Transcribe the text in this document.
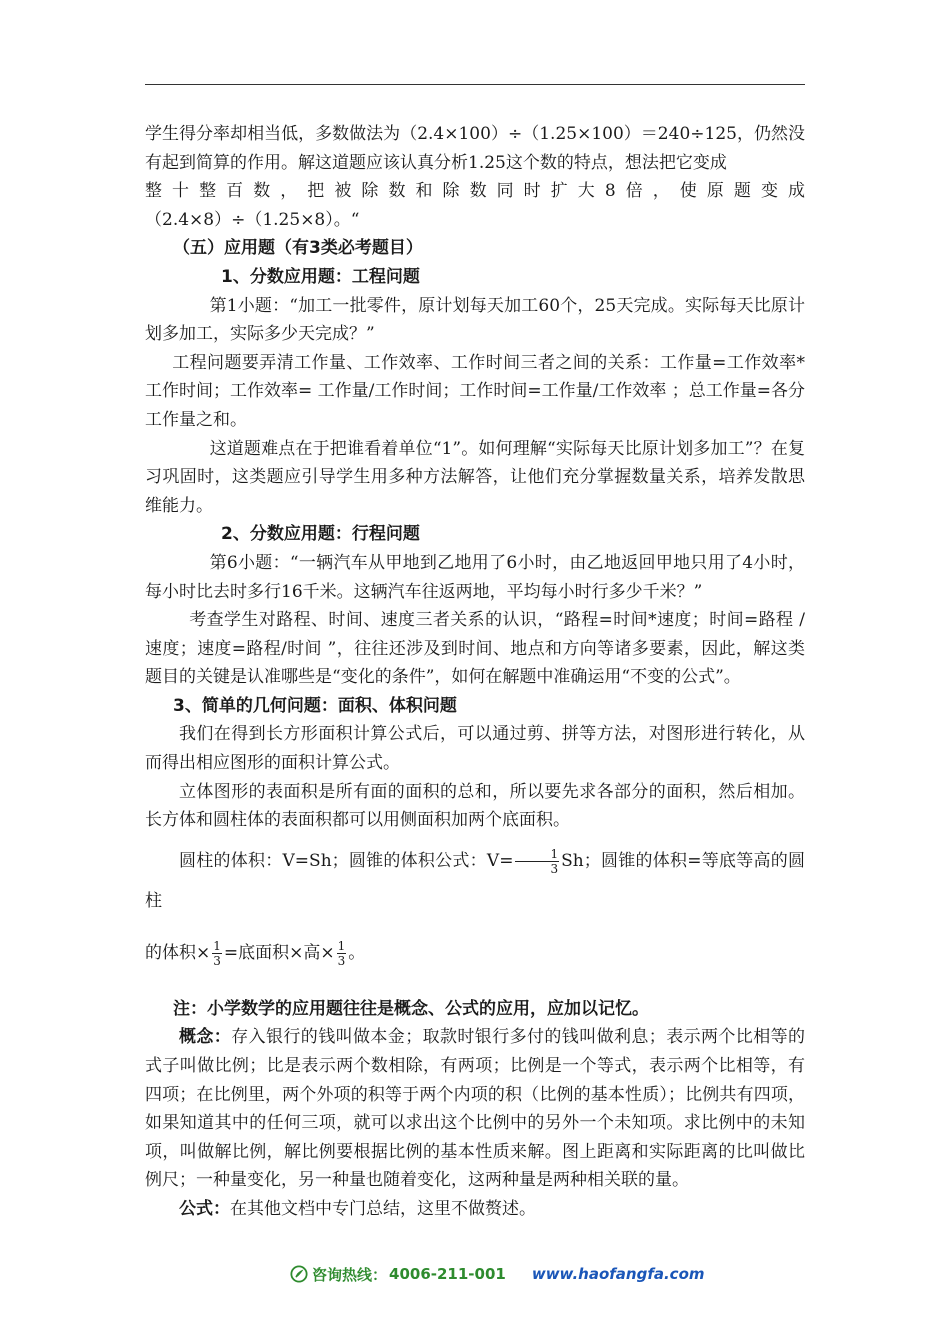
学生得分率却相当低，多数做法为（2.4×100）÷（1.25×100）＝240÷125，仍然没有起到简算的作用。解这道题应该认真分析1.25这个数的特点，想法把它变成

整十整百数，把被除数和除数同时扩大8倍，使原题变成

（2.4×8）÷（1.25×8）。“

（五）应用题（有3类必考题目）

1、分数应用题：工程问题

第1小题：“加工一批零件，原计划每天加工60个，25天完成。实际每天比原计划多加工，实际多少天完成？”

工程问题要弄清工作量、工作效率、工作时间三者之间的关系：工作量=工作效率*工作时间；工作效率= 工作量/工作时间；工作时间=工作量/工作效率 ；总工作量=各分工作量之和。

这道题难点在于把谁看着单位“1”。如何理解“实际每天比原计划多加工”？在复习巩固时，这类题应引导学生用多种方法解答，让他们充分掌握数量关系，培养发散思维能力。

2、分数应用题：行程问题

第6小题：“一辆汽车从甲地到乙地用了6小时，由乙地返回甲地只用了4小时，每小时比去时多行16千米。这辆汽车往返两地，平均每小时行多少千米？”

考查学生对路程、时间、速度三者关系的认识，“路程=时间*速度；时间=路程 /速度；速度=路程/时间 ”，往往还涉及到时间、地点和方向等诸多要素，因此，解这类题目的关键是认准哪些是“变化的条件”，如何在解题中准确运用“不变的公式”。

3、简单的几何问题：面积、体积问题

我们在得到长方形面积计算公式后，可以通过剪、拼等方法，对图形进行转化，从而得出相应图形的面积计算公式。

立体图形的表面积是所有面的面积的总和，所以要先求各部分的面积，然后相加。长方体和圆柱体的表面积都可以用侧面积加两个底面积。

圆柱的体积：V=Sh；圆锥的体积公式：$V= \frac{1}{3}$ Sh；圆锥的体积=等底等高的圆柱

的体积× $\frac{1}{3}$ =底面积×高× $\frac{1}{3}$ 。

注：小学数学的应用题往往是概念、公式的应用，应加以记忆。

概念：存入银行的钱叫做本金；取款时银行多付的钱叫做利息；表示两个比相等的式子叫做比例；比是表示两个数相除，有两项；比例是一个等式，表示两个比相等，有四项；在比例里，两个外项的积等于两个内项的积（比例的基本性质）；比例共有四项，如果知道其中的任何三项，就可以求出这个比例中的另外一个未知项。求比例中的未知项，叫做解比例，解比例要根据比例的基本性质来解。图上距离和实际距离的比叫做比例尺；一种量变化，另一种量也随着变化，这两种量是两种相关联的量。

公式：在其他文档中专门总结，这里不做赘述。

咨询热线： 4006-211-001 www.haofangfa.com
